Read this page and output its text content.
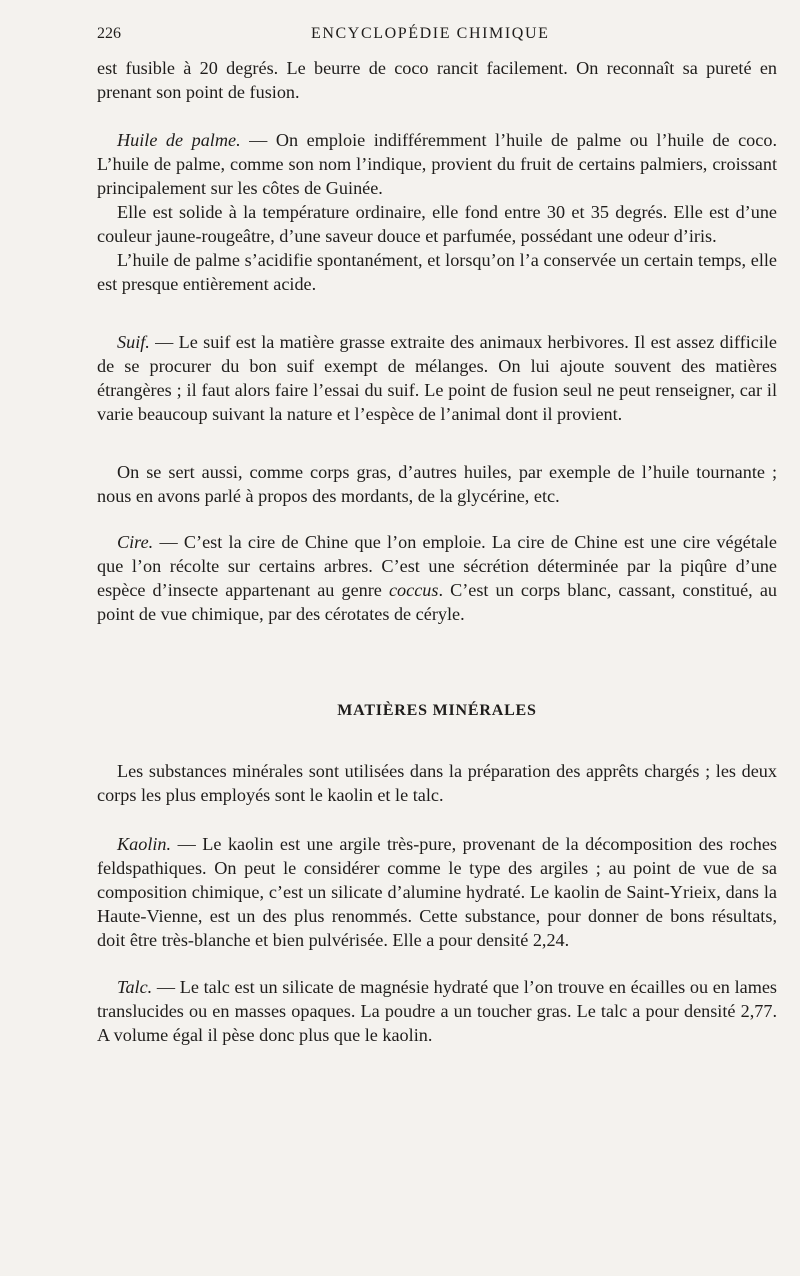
226	ENCYCLOPÉDIE CHIMIQUE

est fusible à 20 degrés. Le beurre de coco rancit facilement. On reconnaît sa pureté en prenant son point de fusion.

Huile de palme. — On emploie indifféremment l’huile de palme ou l’huile de coco. L’huile de palme, comme son nom l’indique, provient du fruit de certains palmiers, croissant principalement sur les côtes de Guinée.

Elle est solide à la température ordinaire, elle fond entre 30 et 35 degrés. Elle est d’une couleur jaune-rougeâtre, d’une saveur douce et parfumée, possédant une odeur d’iris.

L’huile de palme s’acidifie spontanément, et lorsqu’on l’a conservée un certain temps, elle est presque entièrement acide.

Suif. — Le suif est la matière grasse extraite des animaux herbivores. Il est assez difficile de se procurer du bon suif exempt de mélanges. On lui ajoute souvent des matières étrangères ; il faut alors faire l’essai du suif. Le point de fusion seul ne peut renseigner, car il varie beaucoup suivant la nature et l’espèce de l’animal dont il provient.

On se sert aussi, comme corps gras, d’autres huiles, par exemple de l’huile tournante ; nous en avons parlé à propos des mordants, de la glycérine, etc.

Cire. — C’est la cire de Chine que l’on emploie. La cire de Chine est une cire végétale que l’on récolte sur certains arbres. C’est une sécrétion déterminée par la piqûre d’une espèce d’insecte appartenant au genre coccus. C’est un corps blanc, cassant, constitué, au point de vue chimique, par des cérotates de céryle.

MATIÈRES MINÉRALES

Les substances minérales sont utilisées dans la préparation des apprêts chargés ; les deux corps les plus employés sont le kaolin et le talc.

Kaolin. — Le kaolin est une argile très-pure, provenant de la décomposition des roches feldspathiques. On peut le considérer comme le type des argiles ; au point de vue de sa composition chimique, c’est un silicate d’alumine hydraté. Le kaolin de Saint-Yrieix, dans la Haute-Vienne, est un des plus renommés. Cette substance, pour donner de bons résultats, doit être très-blanche et bien pulvérisée. Elle a pour densité 2,24.

Talc. — Le talc est un silicate de magnésie hydraté que l’on trouve en écailles ou en lames translucides ou en masses opaques. La poudre a un toucher gras. Le talc a pour densité 2,77. A volume égal il pèse donc plus que le kaolin.
